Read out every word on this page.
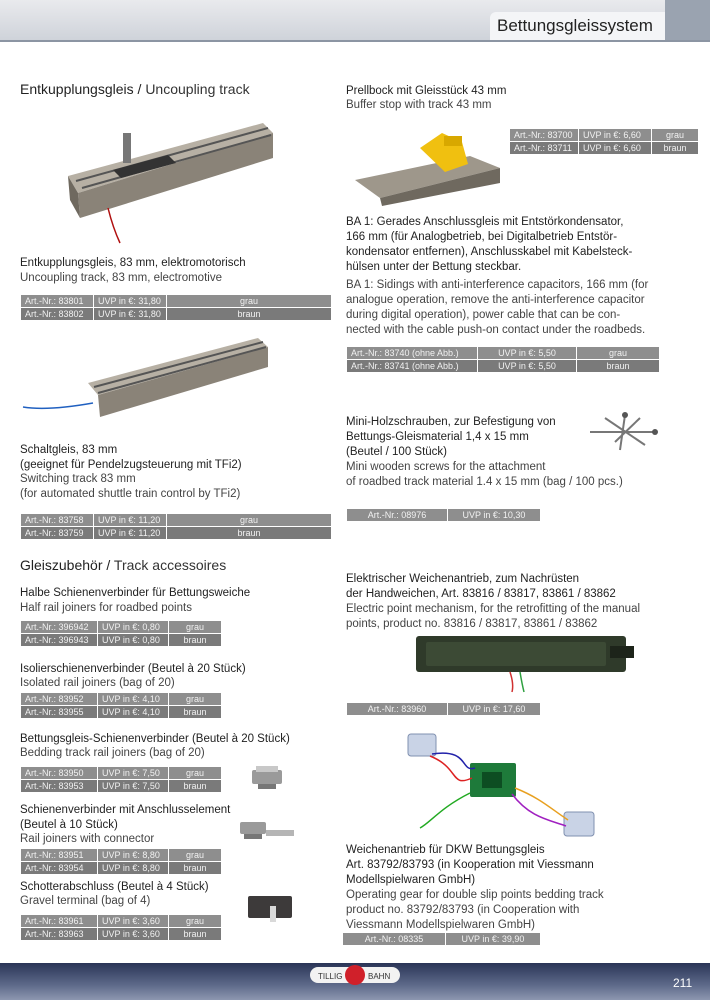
Bettungsgleissystem
Entkupplungsgleis / Uncoupling track
Entkupplungsgleis, 83 mm, elektromotorisch
Uncoupling track, 83 mm, electromotive
Art.-Nr.: 83801	UVP in €: 31,80	grau
Art.-Nr.: 83802	UVP in €: 31,80	braun
Schaltgleis, 83 mm
(geeignet für Pendelzugsteuerung mit TFi2)
Switching track 83 mm
(for automated shuttle train control by TFi2)
Art.-Nr.: 83758	UVP in €: 11,20	grau
Art.-Nr.: 83759	UVP in €: 11,20	braun
Gleiszubehör / Track accessoires
Halbe Schienenverbinder für Bettungsweiche
Half rail joiners for roadbed points
Art.-Nr.: 396942	UVP in €: 0,80	grau
Art.-Nr.: 396943	UVP in €: 0,80	braun
Isolierschienenverbinder (Beutel à 20 Stück)
Isolated rail joiners (bag of 20)
Art.-Nr.: 83952	UVP in €: 4,10	grau
Art.-Nr.: 83955	UVP in €: 4,10	braun
Bettungsgleis-Schienenverbinder (Beutel à 20 Stück)
Bedding track rail joiners (bag of 20)
Art.-Nr.: 83950	UVP in €: 7,50	grau
Art.-Nr.: 83953	UVP in €: 7,50	braun
Schienenverbinder mit Anschlusselement
(Beutel à 10 Stück)
Rail joiners with connector
Art.-Nr.: 83951	UVP in €: 8,80	grau
Art.-Nr.: 83954	UVP in €: 8,80	braun
Schotterabschluss (Beutel à 4 Stück)
Gravel terminal (bag of 4)
Art.-Nr.: 83961	UVP in €: 3,60	grau
Art.-Nr.: 83963	UVP in €: 3,60	braun
Prellbock mit Gleisstück 43 mm
Buffer stop with track 43 mm
Art.-Nr.: 83700	UVP in €: 6,60	grau
Art.-Nr.: 83711	UVP in €: 6,60	braun
BA 1: Gerades Anschlussgleis mit Entstörkondensator,
166 mm (für Analogbetrieb, bei Digitalbetrieb Entstör-
kondensator entfernen), Anschlusskabel mit Kabelsteck-
hülsen unter der Bettung steckbar.
BA 1: Sidings with anti-interference capacitors, 166 mm (for
analogue operation, remove the anti-interference capacitor
during digital operation), power cable that can be con-
nected with the cable push-on contact under the roadbeds.
Art.-Nr.: 83740 (ohne Abb.)	UVP in €: 5,50	grau
Art.-Nr.: 83741 (ohne Abb.)	UVP in €: 5,50	braun
Mini-Holzschrauben, zur Befestigung von
Bettungs-Gleismaterial 1,4 x 15 mm
(Beutel / 100 Stück)
Mini wooden screws for the attachment
of roadbed track material 1.4 x 15 mm (bag / 100 pcs.)
Art.-Nr.: 08976	UVP in €: 10,30
Elektrischer Weichenantrieb, zum Nachrüsten
der Handweichen, Art. 83816 / 83817, 83861 / 83862
Electric point mechanism, for the retrofitting of the manual
points, product no. 83816 / 83817, 83861 / 83862
Art.-Nr.: 83960	UVP in €: 17,60
Weichenantrieb für DKW Bettungsgleis
Art. 83792/83793 (in Kooperation mit Viessmann
Modellspielwaren GmbH)
Operating gear for double slip points bedding track
product no. 83792/83793 (in Cooperation with
Viessmann Modellspielwaren GmbH)
Art.-Nr.: 08335	UVP in €: 39,90
TILLIG	BAHN	211
